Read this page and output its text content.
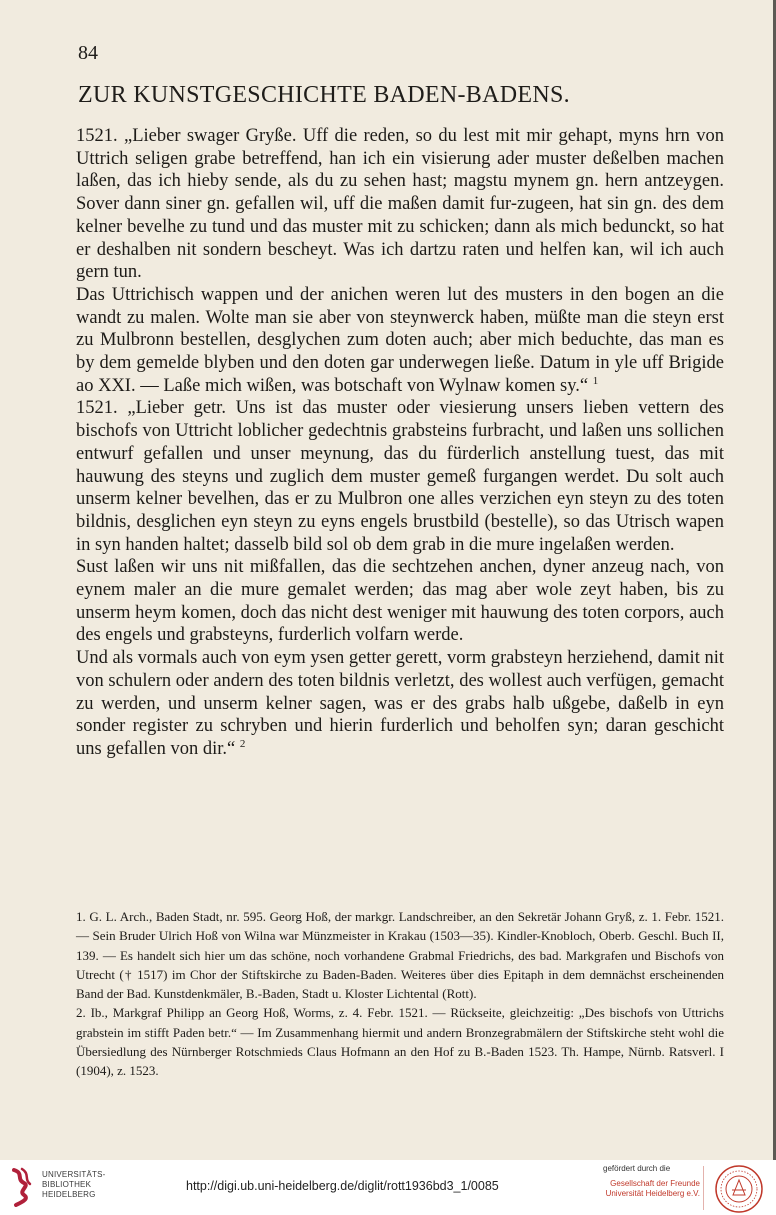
84
ZUR KUNSTGESCHICHTE BADEN-BADENS.

1521. „Lieber swager Gryße. Uff die reden, so du lest mit mir gehapt, myns hrn von Uttrich seligen grabe betreffend, han ich ein visierung ader muster deßelben machen laßen, das ich hieby sende, als du zu sehen hast; magstu mynem gn. hern antzeygen. Sover dann siner gn. gefallen wil, uff die maßen damit fur-zugeen, hat sin gn. des dem kelner bevelhe zu tund und das muster mit zu schicken; dann als mich bedunckt, so hat er deshalben nit sondern bescheyt. Was ich dartzu raten und helfen kan, wil ich auch gern tun.

Das Uttrichisch wappen und der anichen weren lut des musters in den bogen an die wandt zu malen. Wolte man sie aber von steynwerck haben, müßte man die steyn erst zu Mulbronn bestellen, desglychen zum doten auch; aber mich beduchte, das man es by dem gemelde blyben und den doten gar underwegen ließe. Datum in yle uff Brigide ao XXI. — Laße mich wißen, was botschaft von Wylnaw komen sy.“ $^1$

1521. „Lieber getr. Uns ist das muster oder viesierung unsers lieben vettern des bischofs von Uttricht loblicher gedechtnis grabsteins furbracht, und laßen uns sollichen entwurf gefallen und unser meynung, das du fürderlich anstellung tuest, das mit hauwung des steyns und zuglich dem muster gemeß furgangen werdet. Du solt auch unserm kelner bevelhen, das er zu Mulbron one alles verzichen eyn steyn zu des toten bildnis, desglichen eyn steyn zu eyns engels brustbild (bestelle), so das Utrisch wapen in syn handen haltet; dasselb bild sol ob dem grab in die mure ingelaßen werden.

Sust laßen wir uns nit mißfallen, das die sechtzehen anchen, dyner anzeug nach, von eynem maler an die mure gemalet werden; das mag aber wole zeyt haben, bis zu unserm heym komen, doch das nicht dest weniger mit hauwung des toten corpors, auch des engels und grabsteyns, furderlich volfarn werde.

Und als vormals auch von eym ysen getter gerett, vorm grabsteyn herziehend, damit nit von schulern oder andern des toten bildnis verletzt, des wollest auch verfügen, gemacht zu werden, und unserm kelner sagen, was er des grabs halb ußgebe, daßelb in eyn sonder register zu schryben und hierin furderlich und beholfen syn; daran geschicht uns gefallen von dir.“ $^2$

1. G. L. Arch., Baden Stadt, nr. 595. Georg Hoß, der markgr. Landschreiber, an den Sekretär Johann Gryß, z. 1. Febr. 1521. — Sein Bruder Ulrich Hoß von Wilna war Münzmeister in Krakau (1503—35). Kindler-Knobloch, Oberb. Geschl. Buch II, 139. — Es handelt sich hier um das schöne, noch vorhandene Grabmal Friedrichs, des bad. Markgrafen und Bischofs von Utrecht († 1517) im Chor der Stiftskirche zu Baden-Baden. Weiteres über dies Epitaph in dem demnächst erscheinenden Band der Bad. Kunstdenkmäler, B.-Baden, Stadt u. Kloster Lichtental (Rott).

2. Ib., Markgraf Philipp an Georg Hoß, Worms, z. 4. Febr. 1521. — Rückseite, gleichzeitig: „Des bischofs von Uttrichs grabstein im stifft Paden betr.“ — Im Zusammenhang hiermit und andern Bronzegrabmälern der Stiftskirche steht wohl die Übersiedlung des Nürnberger Rotschmieds Claus Hofmann an den Hof zu B.-Baden 1523. Th. Hampe, Nürnb. Ratsverl. I (1904), z. 1523.

UNIVERSITÄTS-
BIBLIOTHEK
HEIDELBERG
http://digi.ub.uni-heidelberg.de/diglit/rott1936bd3_1/0085
gefördert durch die
Gesellschaft der Freunde
Universität Heidelberg e.V.
